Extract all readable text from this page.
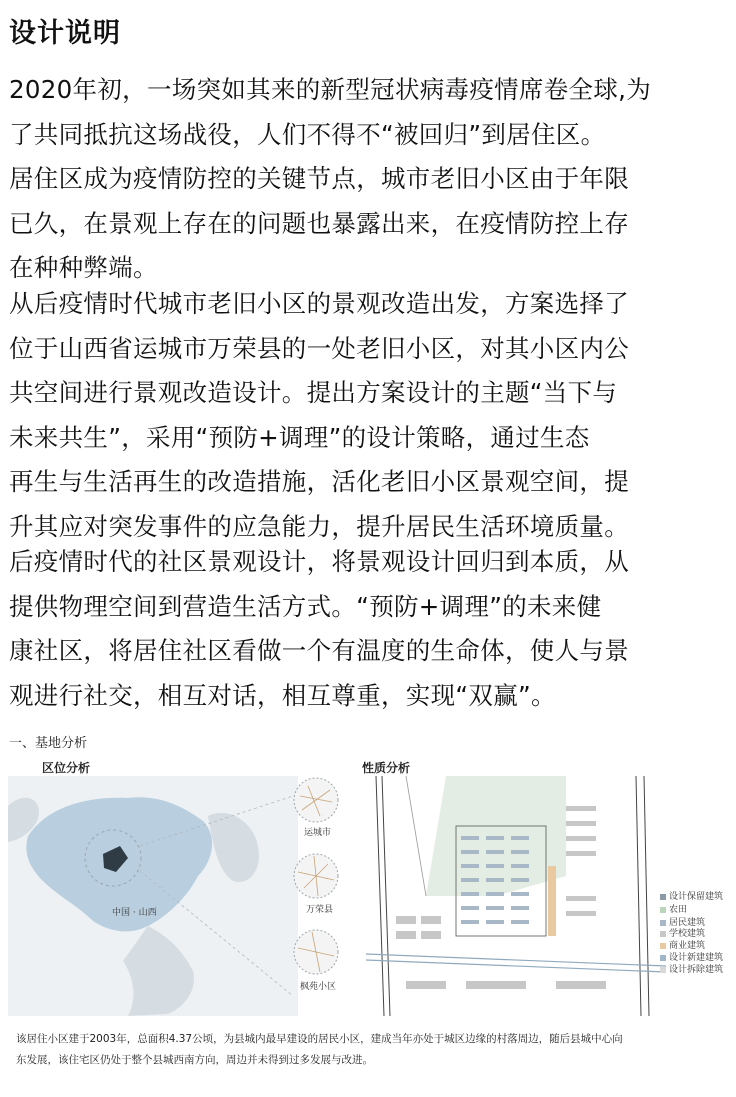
设计说明
2020年初，一场突如其来的新型冠状病毒疫情席卷全球,为
了共同抵抗这场战役，人们不得不“被回归”到居住区。
居住区成为疫情防控的关键节点，城市老旧小区由于年限
已久，在景观上存在的问题也暴露出来，在疫情防控上存
在种种弊端。
从后疫情时代城市老旧小区的景观改造出发，方案选择了
位于山西省运城市万荣县的一处老旧小区，对其小区内公
共空间进行景观改造设计。提出方案设计的主题“当下与
未来共生”，采用“预防+调理”的设计策略，通过生态
再生与生活再生的改造措施，活化老旧小区景观空间，提
升其应对突发事件的应急能力，提升居民生活环境质量。
后疫情时代的社区景观设计，将景观设计回归到本质，从
提供物理空间到营造生活方式。“预防+调理”的未来健
康社区，将居住社区看做一个有温度的生命体，使人与景
观进行社交，相互对话，相互尊重，实现“双赢”。
一、基地分析
区位分析	性质分析
中国 · 山西
运城市
万荣县
枫苑小区
设计保留建筑
农田
居民建筑
学校建筑
商业建筑
设计新建建筑
设计拆除建筑
该居住小区建于2003年，总面积4.37公顷，为县城内最早建设的居民小区，建成当年亦处于城区边缘的村落周边，随后县城中心向
东发展，该住宅区仍处于整个县城西南方向，周边并未得到过多发展与改进。
